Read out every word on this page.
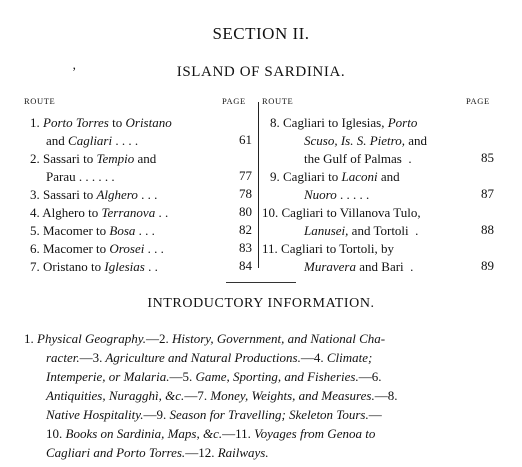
SECTION II.
’	ISLAND OF SARDINIA.
ROUTE	PAGE ROUTE	PAGE
1. Porto Torres to Oristano
and Cagliari . . . .	61
2. Sassari to Tempio and
Parau . . . . . .	77
3. Sassari to Alghero . . .	78
4. Alghero to Terranova . .	80
5. Macomer to Bosa . . .	82
6. Macomer to Orosei . . .	83
7. Oristano to Iglesias . .	84
8. Cagliari to Iglesias, Porto
Scuso, Is. S. Pietro, and
the Gulf of Palmas  .	85
9. Cagliari to Laconi and
Nuoro . . . . .	87
10. Cagliari to Villanova Tulo,
Lanusei, and Tortoli  .	88
11. Cagliari to Tortoli, by
Muravera and Bari  .	89
INTRODUCTORY INFORMATION.
1. Physical Geography.—2. History, Government, and National Cha-
racter.—3. Agriculture and Natural Productions.—4. Climate;
Intemperie, or Malaria.—5. Game, Sporting, and Fisheries.—6.
Antiquities, Nuragghì, &c.—7. Money, Weights, and Measures.—8.
Native Hospitality.—9. Season for Travelling; Skeleton Tours.—
10. Books on Sardinia, Maps, &c.—11. Voyages from Genoa to
Cagliari and Porto Torres.—12. Railways.
